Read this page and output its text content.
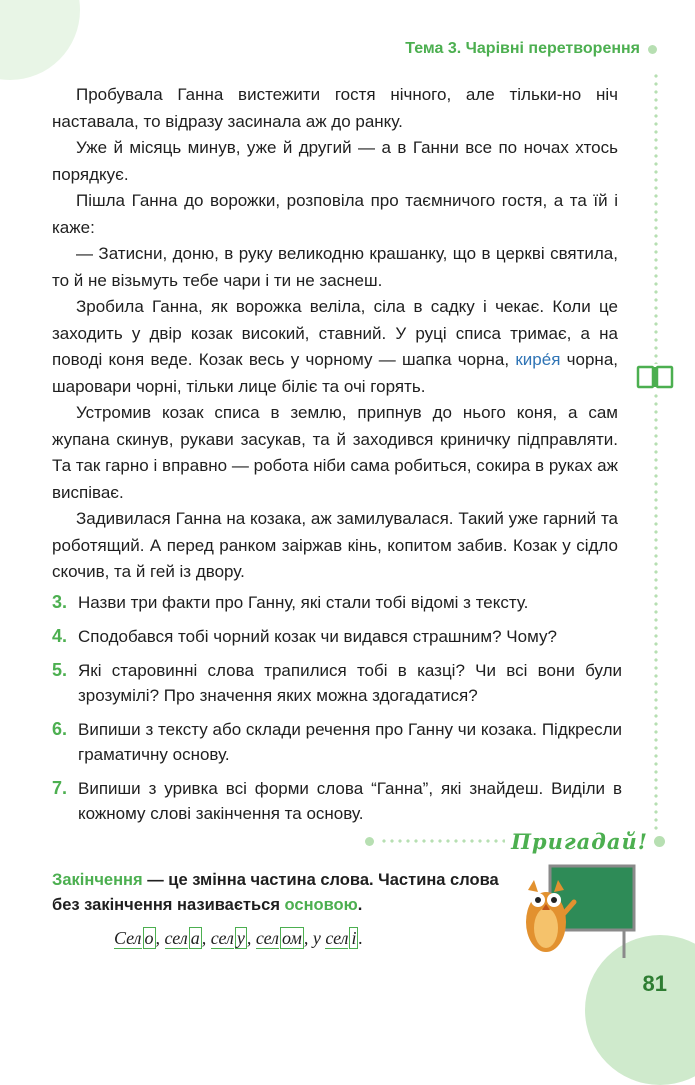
Тема 3. Чарівні перетворення

Пробувала Ганна вистежити гостя нічного, але тільки-но ніч наставала, то відразу засинала аж до ранку.

Уже й місяць минув, уже й другий — а в Ганни все по ночах хтось порядкує.

Пішла Ганна до ворожки, розповіла про таємничого гостя, а та їй і каже:

— Затисни, доню, в руку великодню крашанку, що в церкві святила, то й не візьмуть тебе чари і ти не заснеш.

Зробила Ганна, як ворожка веліла, сіла в садку і чекає. Коли це заходить у двір козак високий, ставний. У руці списа тримає, а на поводі коня веде. Козак весь у чорному — шапка чорна, кире́я чорна, шаровари чорні, тільки лице біліє та очі горять.

Устромив козак списа в землю, припнув до нього коня, а сам жупана скинув, рукави засукав, та й заходився криничку підправляти. Та так гарно і вправно — робота ніби сама робиться, сокира в руках аж виспіває.

Задивилася Ганна на козака, аж замилувалася. Такий уже гарний та роботящий. А перед ранком заіржав кінь, копитом забив. Козак у сідло скочив, та й гей із двору.

3. Назви три факти про Ганну, які стали тобі відомі з тексту.
4. Сподобався тобі чорний козак чи видався страшним? Чому?
5. Які старовинні слова трапилися тобі в казці? Чи всі вони були зрозумілі? Про значення яких можна здогадатися?
6. Випиши з тексту або склади речення про Ганну чи козака. Підкресли граматичну основу.
7. Випиши з уривка всі форми слова “Ганна”, які знайдеш. Виділи в кожному слові закінчення та основу.
Пригадай!
Закінчення — це змінна частина слова. Частина слова без закінчення називається основою.
Сел о , сел а , сел у , сел ом , у сел і .
81
